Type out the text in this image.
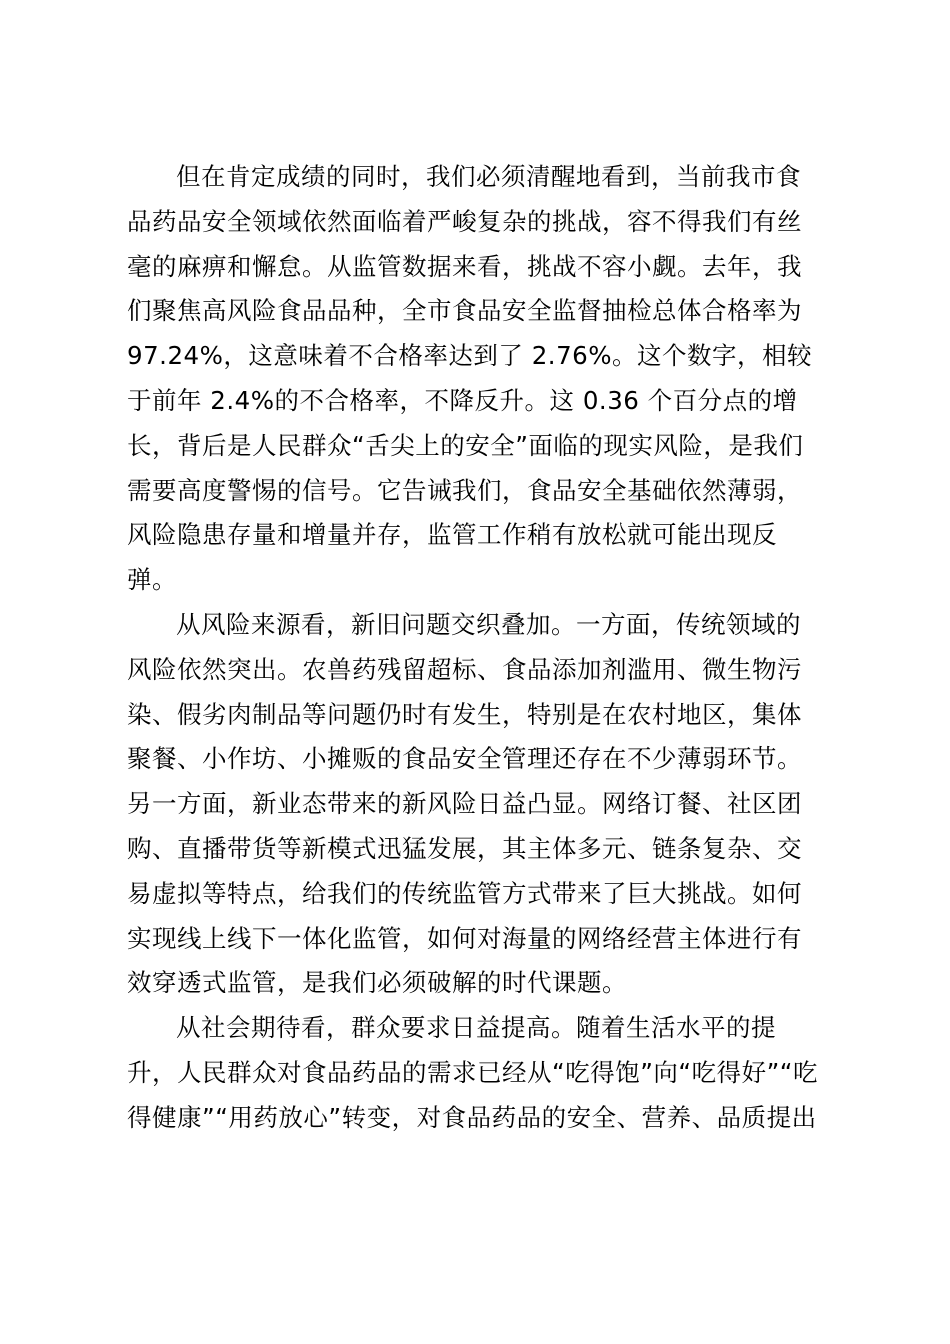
但在肯定成绩的同时，我们必须清醒地看到，当前我市食
品药品安全领域依然面临着严峻复杂的挑战，容不得我们有丝
毫的麻痹和懈怠。从监管数据来看，挑战不容小觑。去年，我
们聚焦高风险食品品种，全市食品安全监督抽检总体合格率为
97.24%，这意味着不合格率达到了 2.76%。这个数字，相较
于前年 2.4%的不合格率，不降反升。这 0.36 个百分点的增
长，背后是人民群众“舌尖上的安全”面临的现实风险，是我们
需要高度警惕的信号。它告诫我们，食品安全基础依然薄弱，
风险隐患存量和增量并存，监管工作稍有放松就可能出现反
弹。
从风险来源看，新旧问题交织叠加。一方面，传统领域的
风险依然突出。农兽药残留超标、食品添加剂滥用、微生物污
染、假劣肉制品等问题仍时有发生，特别是在农村地区，集体
聚餐、小作坊、小摊贩的食品安全管理还存在不少薄弱环节。
另一方面，新业态带来的新风险日益凸显。网络订餐、社区团
购、直播带货等新模式迅猛发展，其主体多元、链条复杂、交
易虚拟等特点，给我们的传统监管方式带来了巨大挑战。如何
实现线上线下一体化监管，如何对海量的网络经营主体进行有
效穿透式监管，是我们必须破解的时代课题。
从社会期待看，群众要求日益提高。随着生活水平的提
升，人民群众对食品药品的需求已经从“吃得饱”向“吃得好”“吃
得健康”“用药放心”转变，对食品药品的安全、营养、品质提出
